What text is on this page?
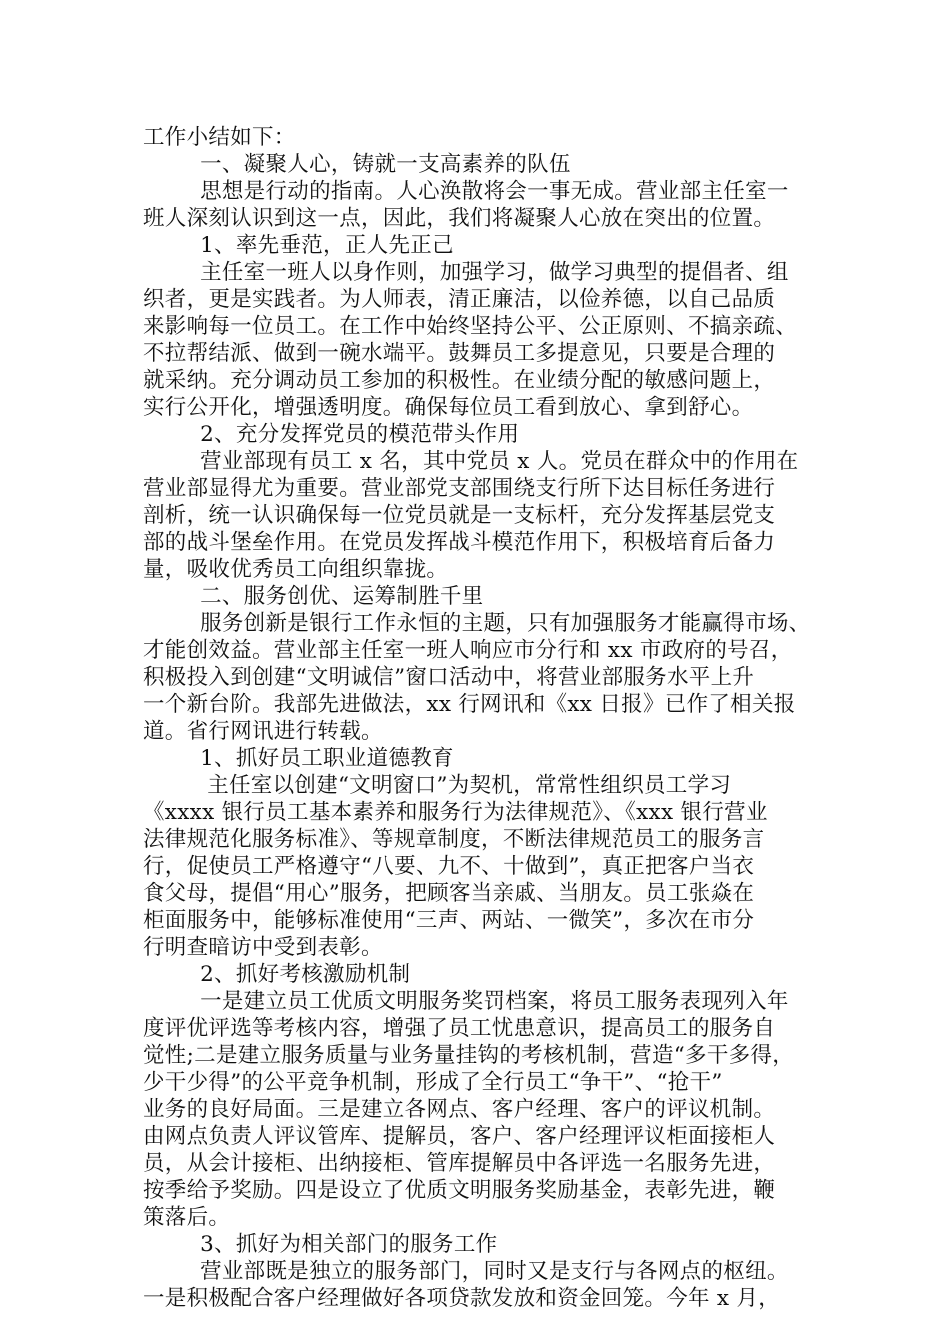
工作小结如下：
一、凝聚人心，铸就一支高素养的队伍
思想是行动的指南。人心涣散将会一事无成。营业部主任室一
班人深刻认识到这一点，因此，我们将凝聚人心放在突出的位置。
1、率先垂范，正人先正己
主任室一班人以身作则，加强学习，做学习典型的提倡者、组
织者，更是实践者。为人师表，清正廉洁，以俭养德，以自己品质
来影响每一位员工。在工作中始终坚持公平、公正原则、不搞亲疏、
不拉帮结派、做到一碗水端平。鼓舞员工多提意见，只要是合理的
就采纳。充分调动员工参加的积极性。在业绩分配的敏感问题上，
实行公开化，增强透明度。确保每位员工看到放心、拿到舒心。
2、充分发挥党员的模范带头作用
营业部现有员工 x 名，其中党员 x 人。党员在群众中的作用在
营业部显得尤为重要。营业部党支部围绕支行所下达目标任务进行
剖析，统一认识确保每一位党员就是一支标杆，充分发挥基层党支
部的战斗堡垒作用。在党员发挥战斗模范作用下，积极培育后备力
量，吸收优秀员工向组织靠拢。
二、服务创优、运筹制胜千里
服务创新是银行工作永恒的主题，只有加强服务才能赢得市场、
才能创效益。营业部主任室一班人响应市分行和 xx 市政府的号召，
积极投入到创建“文明诚信”窗口活动中，将营业部服务水平上升
一个新台阶。我部先进做法，xx 行网讯和《xx 日报》已作了相关报
道。省行网讯进行转载。
1、抓好员工职业道德教育
主任室以创建“文明窗口”为契机，常常性组织员工学习
《xxxx 银行员工基本素养和服务行为法律规范》、《xxx 银行营业
法律规范化服务标准》、等规章制度，不断法律规范员工的服务言
行，促使员工严格遵守“八要、九不、十做到”，真正把客户当衣
食父母，提倡“用心”服务，把顾客当亲戚、当朋友。员工张焱在
柜面服务中，能够标准使用“三声、两站、一微笑”，多次在市分
行明查暗访中受到表彰。
2、抓好考核激励机制
一是建立员工优质文明服务奖罚档案，将员工服务表现列入年
度评优评选等考核内容，增强了员工忧患意识，提高员工的服务自
觉性;二是建立服务质量与业务量挂钩的考核机制，营造“多干多得，
少干少得”的公平竞争机制，形成了全行员工“争干”、“抢干”
业务的良好局面。三是建立各网点、客户经理、客户的评议机制。
由网点负责人评议管库、提解员，客户、客户经理评议柜面接柜人
员，从会计接柜、出纳接柜、管库提解员中各评选一名服务先进，
按季给予奖励。四是设立了优质文明服务奖励基金，表彰先进，鞭
策落后。
3、抓好为相关部门的服务工作
营业部既是独立的服务部门，同时又是支行与各网点的枢纽。
一是积极配合客户经理做好各项贷款发放和资金回笼。今年 x 月，
